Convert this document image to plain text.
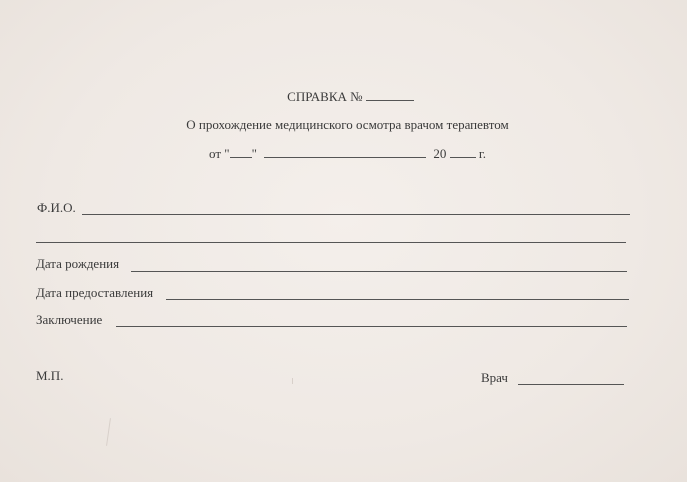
СПРАВКА №
О прохождение медицинского осмотра врачом терапевтом
от " "	20	г.
Ф.И.О.
Дата рождения
Дата предоставления
Заключение
М.П.	Врач
